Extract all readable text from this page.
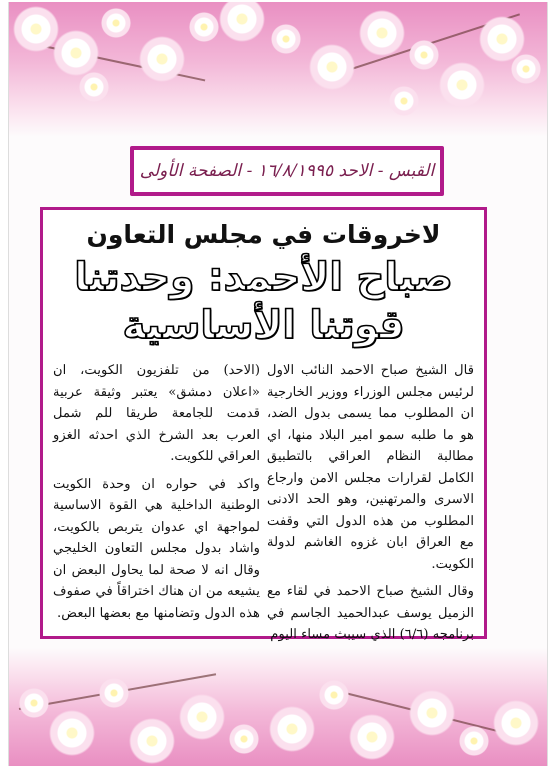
القبس - الاحد ١٦/٨/١٩٩٥ - الصفحة الأولى
لاخروقات في مجلس التعاون
صباح الأحمد: وحدتنا
قوتنا الأساسية

قال الشيخ صباح الاحمد النائب الاول لرئيس مجلس الوزراء ووزير الخارجية ان المطلوب مما يسمى بدول الضد، هو ما طلبه سمو امير البلاد منها، اي مطالبة النظام العراقي بالتطبيق الكامل لقرارات مجلس الامن وارجاع الاسرى والمرتهنين، وهو الحد الادنى المطلوب من هذه الدول التي وقفت مع العراق ابان غزوه الغاشم لدولة الكويت.

وقال الشيخ صباح الاحمد في لقاء مع الزميل يوسف عبدالحميد الجاسم في برنامجه (٦/٦) الذي سيبث مساء اليوم

(الاحد) من تلفزيون الكويت، ان «اعلان دمشق» يعتبر وثيقة عربية قدمت للجامعة طريقا للم شمل العرب بعد الشرخ الذي احدثه الغزو العراقي للكويت.

واكد في حواره ان وحدة الكويت الوطنية الداخلية هي القوة الاساسية لمواجهة اي عدوان يتربص بالكويت، واشاد بدول مجلس التعاون الخليجي وقال انه لا صحة لما يحاول البعض ان يشيعه من ان هناك اختراقاً في صفوف هذه الدول وتضامنها مع بعضها البعض.
